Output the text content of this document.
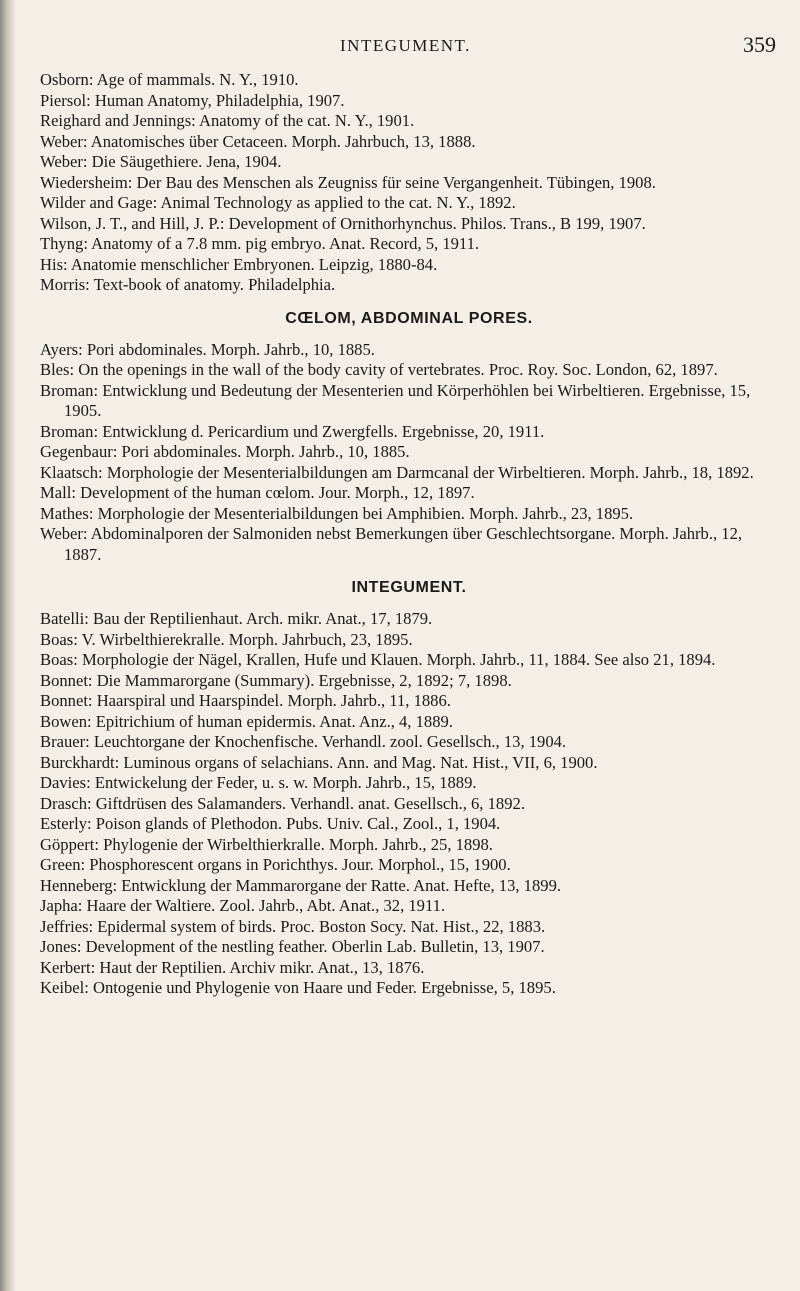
INTEGUMENT.	359

Osborn: Age of mammals. N. Y., 1910.

Piersol: Human Anatomy, Philadelphia, 1907.

Reighard and Jennings: Anatomy of the cat. N. Y., 1901.

Weber: Anatomisches über Cetaceen. Morph. Jahrbuch, 13, 1888.

Weber: Die Säugethiere. Jena, 1904.

Wiedersheim: Der Bau des Menschen als Zeugniss für seine Vergangenheit. Tübingen, 1908.

Wilder and Gage: Animal Technology as applied to the cat. N. Y., 1892.

Wilson, J. T., and Hill, J. P.: Development of Ornithorhynchus. Philos. Trans., B 199, 1907.

Thyng: Anatomy of a 7.8 mm. pig embryo. Anat. Record, 5, 1911.

His: Anatomie menschlicher Embryonen. Leipzig, 1880-84.

Morris: Text-book of anatomy. Philadelphia.

CŒLOM, ABDOMINAL PORES.

Ayers: Pori abdominales. Morph. Jahrb., 10, 1885.

Bles: On the openings in the wall of the body cavity of vertebrates. Proc. Roy. Soc. London, 62, 1897.

Broman: Entwicklung und Bedeutung der Mesenterien und Körperhöhlen bei Wirbeltieren. Ergebnisse, 15, 1905.

Broman: Entwicklung d. Pericardium und Zwergfells. Ergebnisse, 20, 1911.

Gegenbaur: Pori abdominales. Morph. Jahrb., 10, 1885.

Klaatsch: Morphologie der Mesenterialbildungen am Darmcanal der Wirbeltieren. Morph. Jahrb., 18, 1892.

Mall: Development of the human cœlom. Jour. Morph., 12, 1897.

Mathes: Morphologie der Mesenterialbildungen bei Amphibien. Morph. Jahrb., 23, 1895.

Weber: Abdominalporen der Salmoniden nebst Bemerkungen über Geschlechtsorgane. Morph. Jahrb., 12, 1887.

INTEGUMENT.

Batelli: Bau der Reptilienhaut. Arch. mikr. Anat., 17, 1879.

Boas: V. Wirbelthierekralle. Morph. Jahrbuch, 23, 1895.

Boas: Morphologie der Nägel, Krallen, Hufe und Klauen. Morph. Jahrb., 11, 1884. See also 21, 1894.

Bonnet: Die Mammarorgane (Summary). Ergebnisse, 2, 1892; 7, 1898.

Bonnet: Haarspiral und Haarspindel. Morph. Jahrb., 11, 1886.

Bowen: Epitrichium of human epidermis. Anat. Anz., 4, 1889.

Brauer: Leuchtorgane der Knochenfische. Verhandl. zool. Gesellsch., 13, 1904.

Burckhardt: Luminous organs of selachians. Ann. and Mag. Nat. Hist., VII, 6, 1900.

Davies: Entwickelung der Feder, u. s. w. Morph. Jahrb., 15, 1889.

Drasch: Giftdrüsen des Salamanders. Verhandl. anat. Gesellsch., 6, 1892.

Esterly: Poison glands of Plethodon. Pubs. Univ. Cal., Zool., 1, 1904.

Göppert: Phylogenie der Wirbelthierkralle. Morph. Jahrb., 25, 1898.

Green: Phosphorescent organs in Porichthys. Jour. Morphol., 15, 1900.

Henneberg: Entwicklung der Mammarorgane der Ratte. Anat. Hefte, 13, 1899.

Japha: Haare der Waltiere. Zool. Jahrb., Abt. Anat., 32, 1911.

Jeffries: Epidermal system of birds. Proc. Boston Socy. Nat. Hist., 22, 1883.

Jones: Development of the nestling feather. Oberlin Lab. Bulletin, 13, 1907.

Kerbert: Haut der Reptilien. Archiv mikr. Anat., 13, 1876.

Keibel: Ontogenie und Phylogenie von Haare und Feder. Ergebnisse, 5, 1895.
